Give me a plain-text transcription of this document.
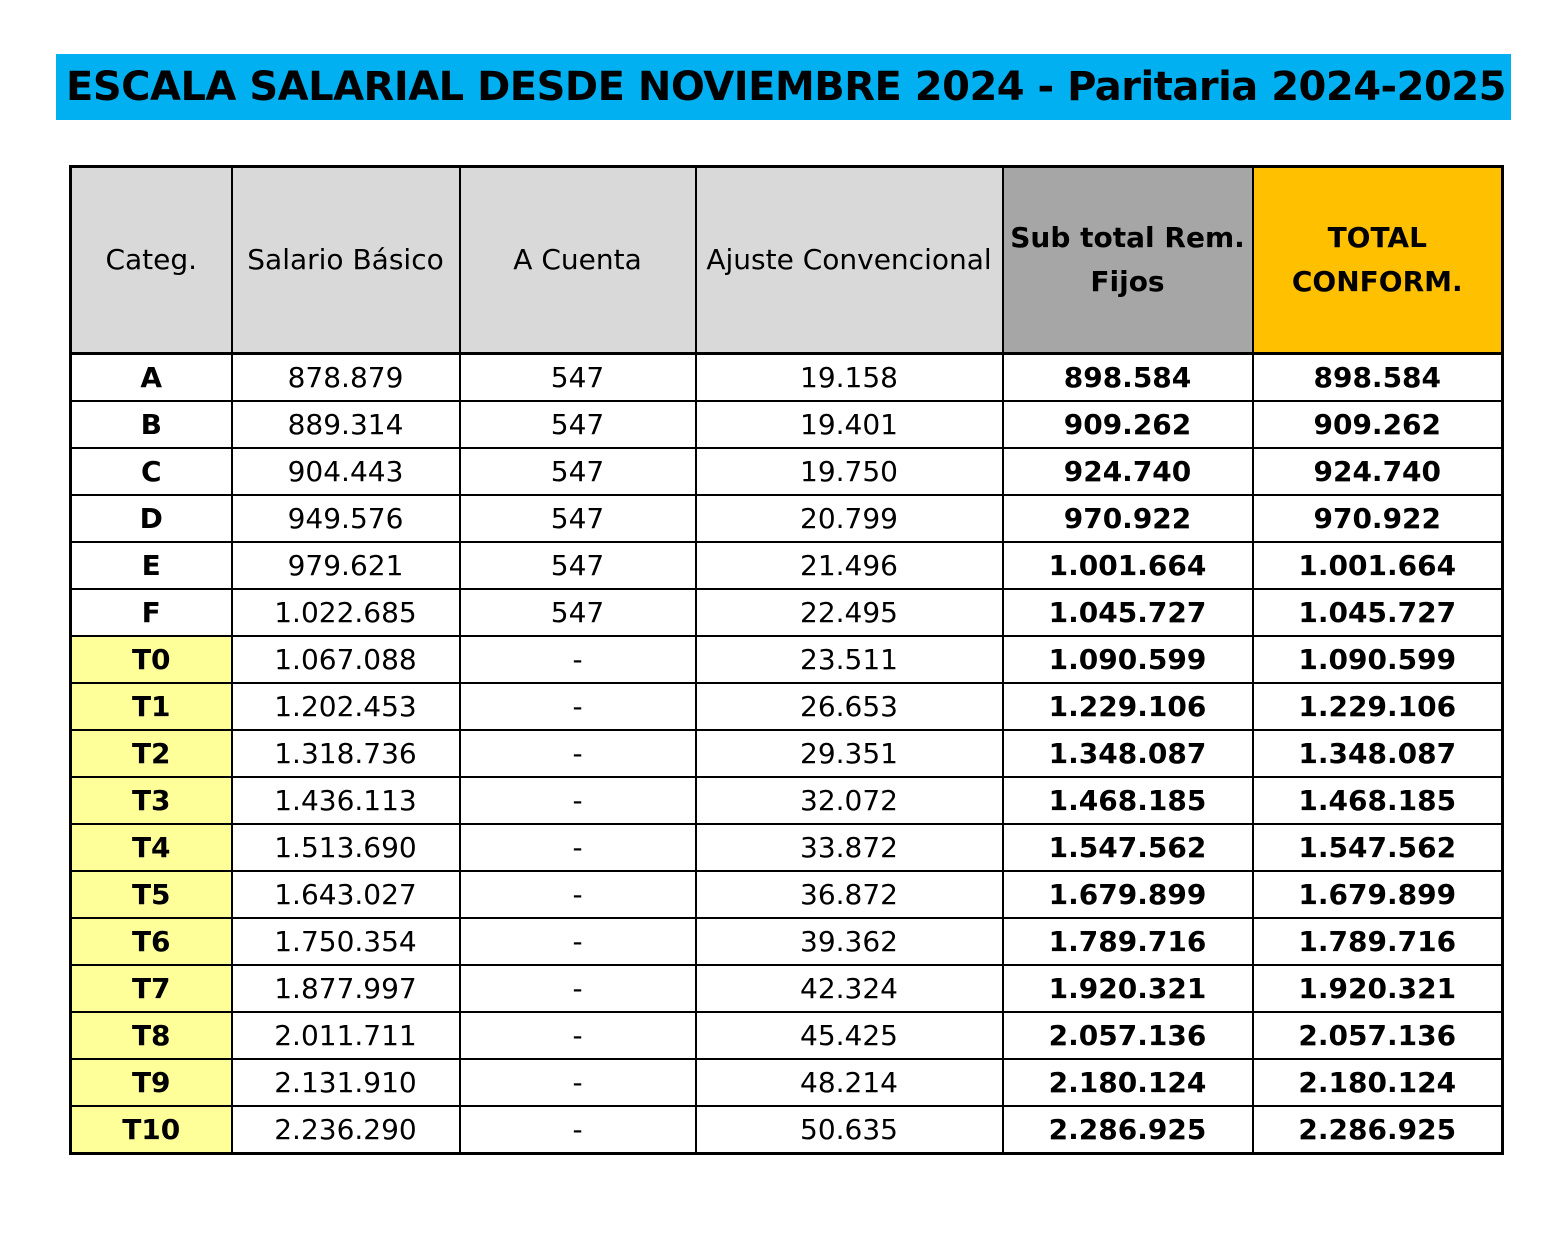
ESCALA SALARIAL DESDE NOVIEMBRE 2024 - Paritaria 2024-2025
Categ.	Salario Básico	A Cuenta	Ajuste Convencional	Sub total Rem. Fijos	TOTAL CONFORM.
A	878.879	547	19.158	898.584	898.584
B	889.314	547	19.401	909.262	909.262
C	904.443	547	19.750	924.740	924.740
D	949.576	547	20.799	970.922	970.922
E	979.621	547	21.496	1.001.664	1.001.664
F	1.022.685	547	22.495	1.045.727	1.045.727
T0	1.067.088	-	23.511	1.090.599	1.090.599
T1	1.202.453	-	26.653	1.229.106	1.229.106
T2	1.318.736	-	29.351	1.348.087	1.348.087
T3	1.436.113	-	32.072	1.468.185	1.468.185
T4	1.513.690	-	33.872	1.547.562	1.547.562
T5	1.643.027	-	36.872	1.679.899	1.679.899
T6	1.750.354	-	39.362	1.789.716	1.789.716
T7	1.877.997	-	42.324	1.920.321	1.920.321
T8	2.011.711	-	45.425	2.057.136	2.057.136
T9	2.131.910	-	48.214	2.180.124	2.180.124
T10	2.236.290	-	50.635	2.286.925	2.286.925
